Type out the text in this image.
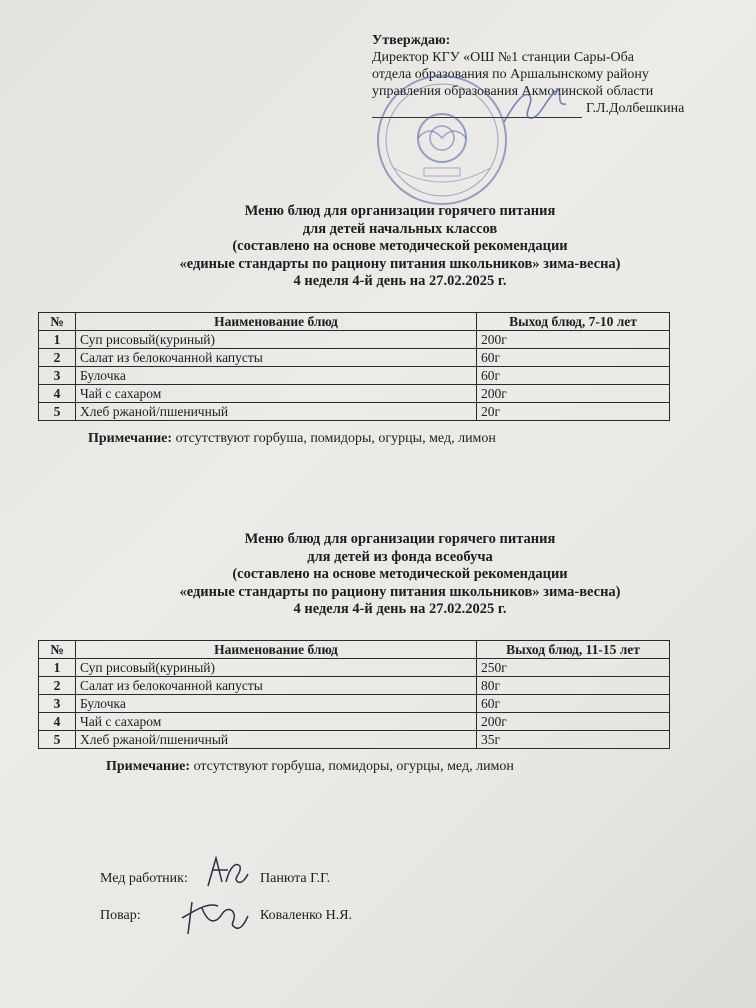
Утверждаю:
Директор КГУ «ОШ №1 станции Сары-Оба
отдела образования по Аршалынскому району
управления образования Акмолинской области
Г.Л.Долбешкина
Меню блюд для организации горячего питания
для детей начальных классов
(составлено на основе методической рекомендации
«единые стандарты по рациону питания школьников» зима-весна)
4 неделя 4-й день на 27.02.2025 г.
№	Наименование блюд	Выход блюд, 7-10 лет
1	Суп рисовый(куриный)	200г
2	Салат из белокочанной капусты	60г
3	Булочка	60г
4	Чай с сахаром	200г
5	Хлеб ржаной/пшеничный	20г
Примечание: отсутствуют горбуша, помидоры, огурцы, мед, лимон
Меню блюд для организации горячего питания
для детей из фонда всеобуча
(составлено на основе методической рекомендации
«единые стандарты по рациону питания школьников» зима-весна)
4 неделя 4-й день на 27.02.2025 г.
№	Наименование блюд	Выход блюд, 11-15 лет
1	Суп рисовый(куриный)	250г
2	Салат из белокочанной капусты	80г
3	Булочка	60г
4	Чай с сахаром	200г
5	Хлеб ржаной/пшеничный	35г
Примечание: отсутствуют горбуша, помидоры, огурцы, мед, лимон
Мед работник:	Панюта Г.Г.
Повар:	Коваленко Н.Я.
